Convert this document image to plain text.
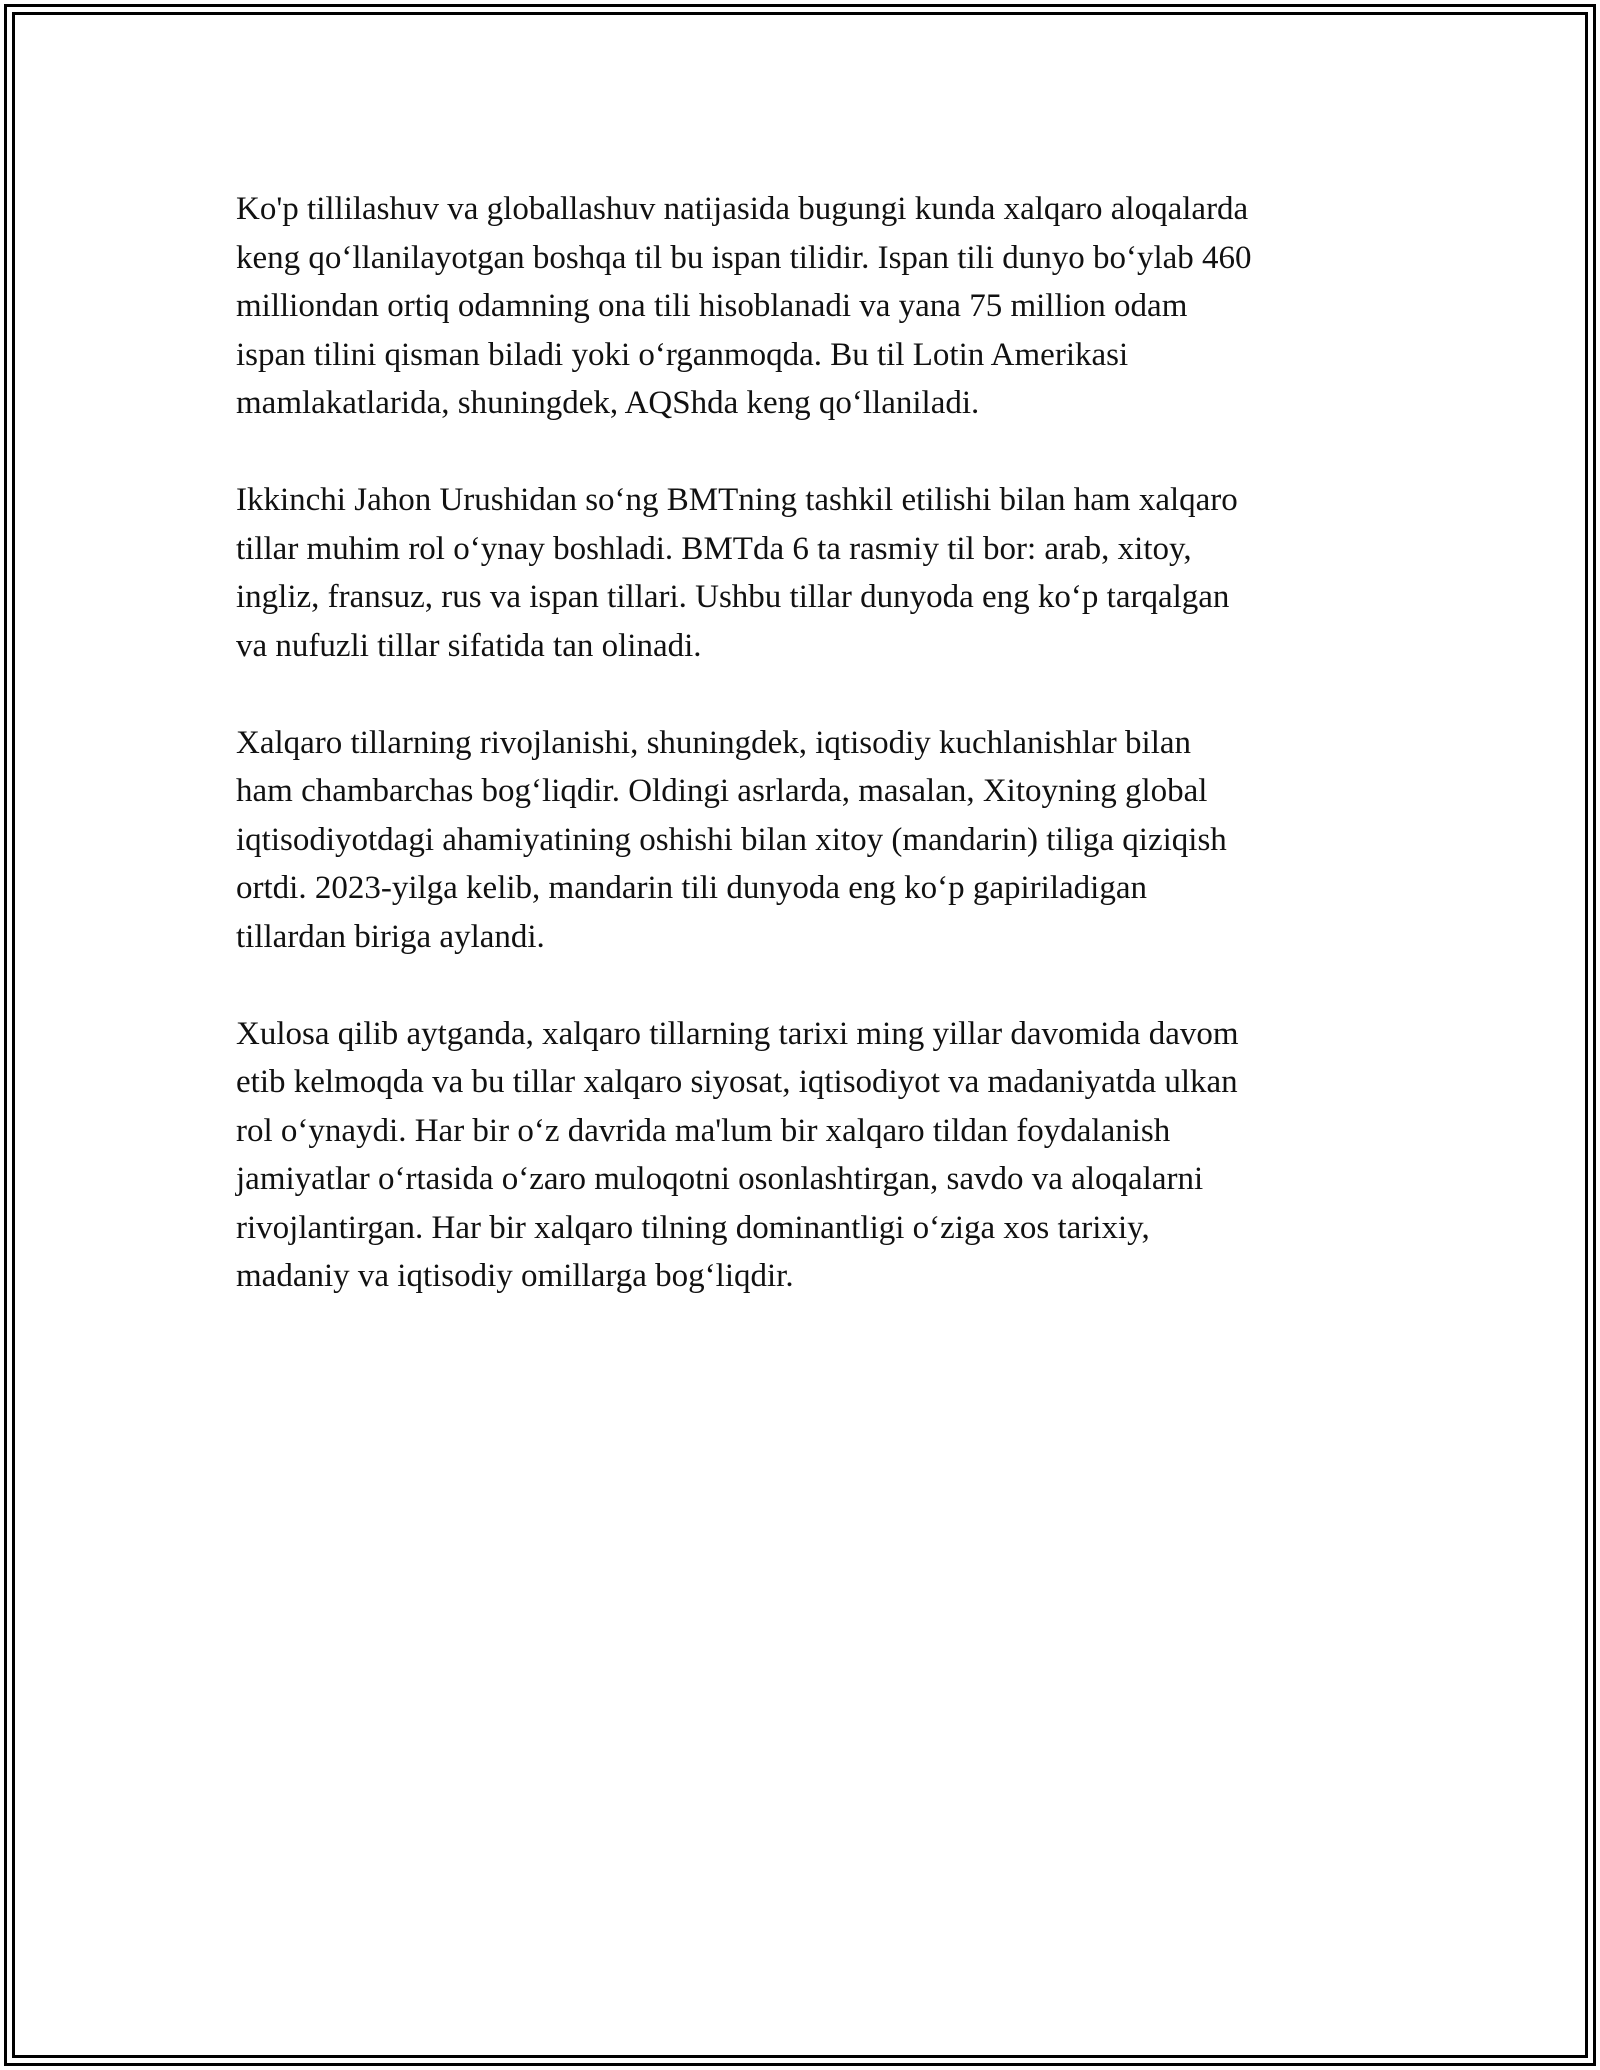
Ko'p tillilashuv va globallashuv natijasida bugungi kunda xalqaro aloqalarda
keng qo‘llanilayotgan boshqa til bu ispan tilidir. Ispan tili dunyo bo‘ylab 460
milliondan ortiq odamning ona tili hisoblanadi va yana 75 million odam
ispan tilini qisman biladi yoki o‘rganmoqda. Bu til Lotin Amerikasi
mamlakatlarida, shuningdek, AQShda keng qo‘llaniladi.

Ikkinchi Jahon Urushidan so‘ng BMTning tashkil etilishi bilan ham xalqaro
tillar muhim rol o‘ynay boshladi. BMTda 6 ta rasmiy til bor: arab, xitoy,
ingliz, fransuz, rus va ispan tillari. Ushbu tillar dunyoda eng ko‘p tarqalgan
va nufuzli tillar sifatida tan olinadi.

Xalqaro tillarning rivojlanishi, shuningdek, iqtisodiy kuchlanishlar bilan
ham chambarchas bog‘liqdir. Oldingi asrlarda, masalan, Xitoyning global
iqtisodiyotdagi ahamiyatining oshishi bilan xitoy (mandarin) tiliga qiziqish
ortdi. 2023-yilga kelib, mandarin tili dunyoda eng ko‘p gapiriladigan
tillardan biriga aylandi.

Xulosa qilib aytganda, xalqaro tillarning tarixi ming yillar davomida davom
etib kelmoqda va bu tillar xalqaro siyosat, iqtisodiyot va madaniyatda ulkan
rol o‘ynaydi. Har bir o‘z davrida ma'lum bir xalqaro tildan foydalanish
jamiyatlar o‘rtasida o‘zaro muloqotni osonlashtirgan, savdo va aloqalarni
rivojlantirgan. Har bir xalqaro tilning dominantligi o‘ziga xos tarixiy,
madaniy va iqtisodiy omillarga bog‘liqdir.
